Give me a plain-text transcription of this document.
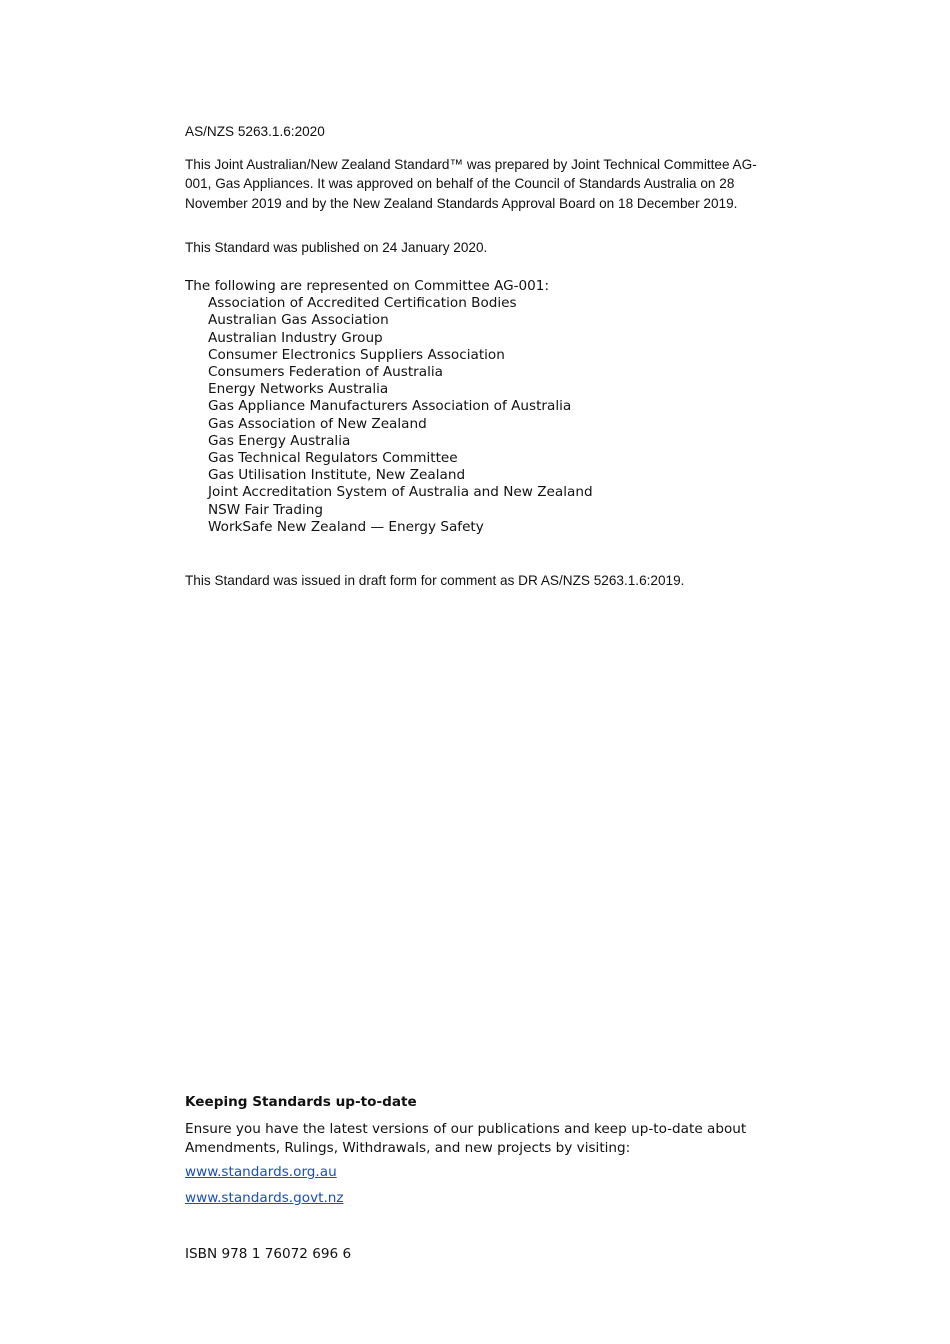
AS/NZS 5263.1.6:2020

This Joint Australian/New Zealand Standard™ was prepared by Joint Technical Committee AG-001, Gas Appliances. It was approved on behalf of the Council of Standards Australia on 28 November 2019 and by the New Zealand Standards Approval Board on 18 December 2019.

This Standard was published on 24 January 2020.

The following are represented on Committee AG-001:

Association of Accredited Certification Bodies
Australian Gas Association
Australian Industry Group
Consumer Electronics Suppliers Association
Consumers Federation of Australia
Energy Networks Australia
Gas Appliance Manufacturers Association of Australia
Gas Association of New Zealand
Gas Energy Australia
Gas Technical Regulators Committee
Gas Utilisation Institute, New Zealand
Joint Accreditation System of Australia and New Zealand
NSW Fair Trading
WorkSafe New Zealand — Energy Safety

This Standard was issued in draft form for comment as DR AS/NZS 5263.1.6:2019.

Keeping Standards up-to-date

Ensure you have the latest versions of our publications and keep up-to-date about Amendments, Rulings, Withdrawals, and new projects by visiting:

www.standards.org.au
www.standards.govt.nz

ISBN 978 1 76072 696 6
